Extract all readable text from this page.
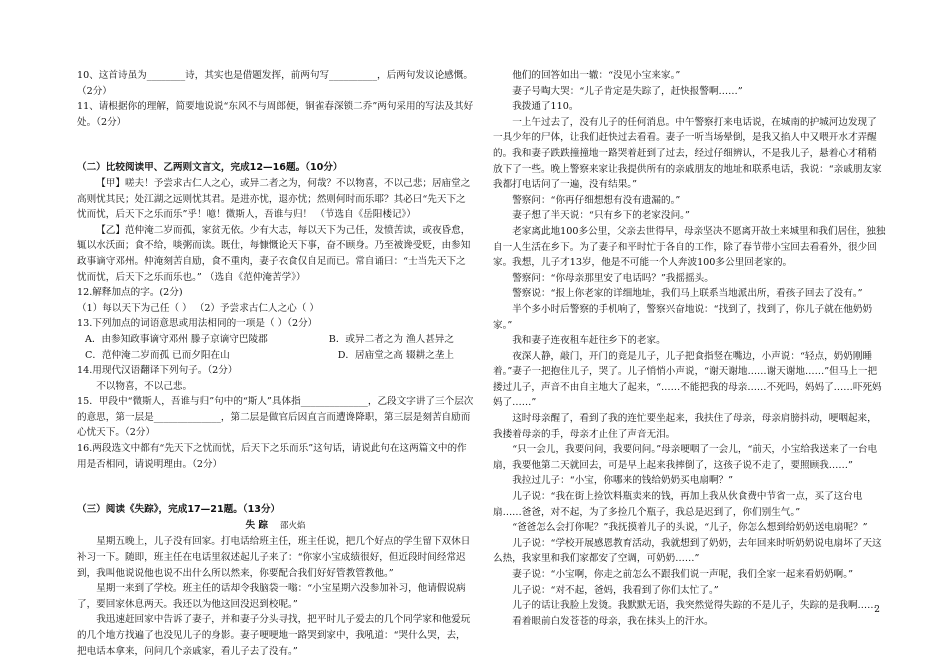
10、这首诗虽为________诗，其实也是借题发挥，前两句写__________，后两句发议论感慨。（2分）

11、请根据你的理解，简要地说说“东风不与周郎便，铜雀春深锁二乔”两句采用的写法及其好处。（2分）

（二）比较阅读甲、乙两则文言文，完成12—16题。（10分）

【甲】嗟夫！予尝求古仁人之心，或异二者之为，何哉？不以物喜，不以己悲；居庙堂之高则忧其民；处江湖之远则忧其君。是进亦忧，退亦忧；然则何时而乐耶？其必曰“先天下之忧而忧，后天下之乐而乐”乎！噫！微斯人，吾谁与归！ （节选自《岳阳楼记》）

【乙】范仲淹二岁而孤，家贫无依。少有大志，每以天下为己任，发愤苦读，或夜昏怠，辄以水沃面；食不给，啖粥而读。既仕，每慷慨论天下事，奋不顾身。乃至被谗受贬，由参知政事谪守邓州。仲淹刻苦自励，食不重肉，妻子衣食仅自足而已。常自诵曰：“士当先天下之忧而忧，后天下之乐而乐也。” （选自《范仲淹苦学》）

12.解释加点的字。(2分)

（1）每以天下为己任（ ） （2）予尝求古仁人之心（ ）

13.下列加点的词语意思或用法相同的一项是（ ）（2分）

A．由参知政事谪守邓州 滕子京谪守巴陵郡	B．或异二者之为 渔人甚异之
C．范仲淹二岁而孤 已而夕阳在山	D．居庙堂之高 辍耕之垄上

14.用现代汉语翻译下列句子。（2分）

不以物喜，不以己悲。

15．甲段中“微斯人，吾谁与归”句中的“斯人”具体指______________，乙段文字讲了三个层次的意思，第一层是______________，第二层是做官后因直言而遭谗降职，第三层是刻苦自励而心忧天下。（2分）

16.两段选文中都有“先天下之忧而忧，后天下之乐而乐”这句话，请说此句在这两篇文中的作用是否相同，请说明理由。（2分）

（三）阅读《失踪》，完成17—21题。（13分）

失 踪 邵火焰

星期五晚上，儿子没有回家。打电话给班主任，班主任说，把几个好点的学生留下双休日补习一下。随即，班主任在电话里叙述起儿子来了：“你家小宝成绩很好，但近段时间经常迟到，我叫他说说他也说不出什么所以然来，你要配合我们好好管教管教他。”

星期一来到了学校。班主任的话却令我脑袋一嗡：“小宝星期六没参加补习，他请假说病了，要回家休息两天。我还以为他这回没迟到校呢。”

我迅速赶回家中告诉了妻子，并和妻子分头寻找，把平时儿子爱去的几个同学家和他爱玩的几个地方找遍了也没见儿子的身影。妻子哽哽地一路哭到家中，我吼道：“哭什么哭，去，把电话本拿来，问问几个亲戚家，看儿子去了没有。”

他们的回答如出一辙：“没见小宝来家。”

妻子号啕大哭：“儿子肯定是失踪了，赶快报警啊……”

我拨通了110。

一上午过去了，没有儿子的任何消息。中午警察打来电话说，在城南的护城河边发现了一具少年的尸体，让我们赶快过去看看。妻子一听当场晕倒，是我又掐人中又喂开水才弄醒的。我和妻子跌跌撞撞地一路哭着赶到了过去，经过仔细辨认，不是我儿子，悬着心才稍稍放下了一些。晚上警察来家让我提供所有的亲戚朋友的地址和联系电话，我说：“亲戚朋友家我都打电话问了一遍，没有结果。”

警察问：“你再仔细想想有没有遗漏的。”

妻子想了半天说：“只有乡下的老家没问。”

老家离此地100多公里，父亲去世得早，母亲坚决不愿离开故土来城里和我们居住，独独自一人生活在乡下。为了妻子和平时忙于各自的工作，除了春节带小宝回去看看外，很少回家。我想，儿子才13岁，他是不可能一个人奔波100多公里回老家的。

警察问：“你母亲那里安了电话吗？”我摇摇头。

警察说：“报上你老家的详细地址，我们马上联系当地派出所，看孩子回去了没有。”

半个多小时后警察的手机响了，警察兴奋地说：“找到了，找到了，你儿子就在他奶奶家。”

我和妻子连夜租车赶往乡下的老家。

夜深人静，敲门，开门的竟是儿子，儿子把食指竖在嘴边，小声说：“轻点，奶奶刚睡着。”妻子一把抱住儿子，哭了。儿子悄悄小声说，“谢天谢地……谢天谢地……”但马上一把搂过儿子，声音不由自主地大了起来，“……不能把我的母亲……不死吗，妈妈了……吓死妈妈了……”

这时母亲醒了，看到了我的连忙要坐起来，我扶住了母亲，母亲肩膀抖动，哽咽起来，我搂着母亲的手，母亲才止住了声音无泪。

“只一会儿，我要问问，我要问问。”母亲哽咽了一会儿，“前天，小宝给我送来了一台电扇，我要他第二天就回去，可是早上起来我摔倒了，这孩子说不走了，要照顾我……”

我拉过儿子：“小宝，你哪来的钱给奶奶买电扇啊？”

儿子说：“我在街上捡饮料瓶卖来的钱，再加上我从伙食费中节省一点，买了这台电扇……爸爸，对不起，为了多捡几个瓶子，我总是迟到了，你们别生气。”

“爸爸怎么会打你呢？”我抚摸着儿子的头说，“儿子，你怎么想到给奶奶送电扇呢？”

儿子说：“学校开展感恩教育活动，我就想到了奶奶，去年回来时听奶奶说电扇坏了天这么热，我家里和我们家都安了空调，可奶奶……”

妻子说：“小宝啊，你走之前怎么不跟我们说一声呢，我们全家一起来看奶奶啊。”

儿子说：“对不起，爸妈，我看到了你们太忙了。”

儿子的话让我脸上发烫。我默默无语，我突然觉得失踪的不是儿子，失踪的是我啊……

看着眼前白发苍苍的母亲，我在抹头上的汗水。

2
